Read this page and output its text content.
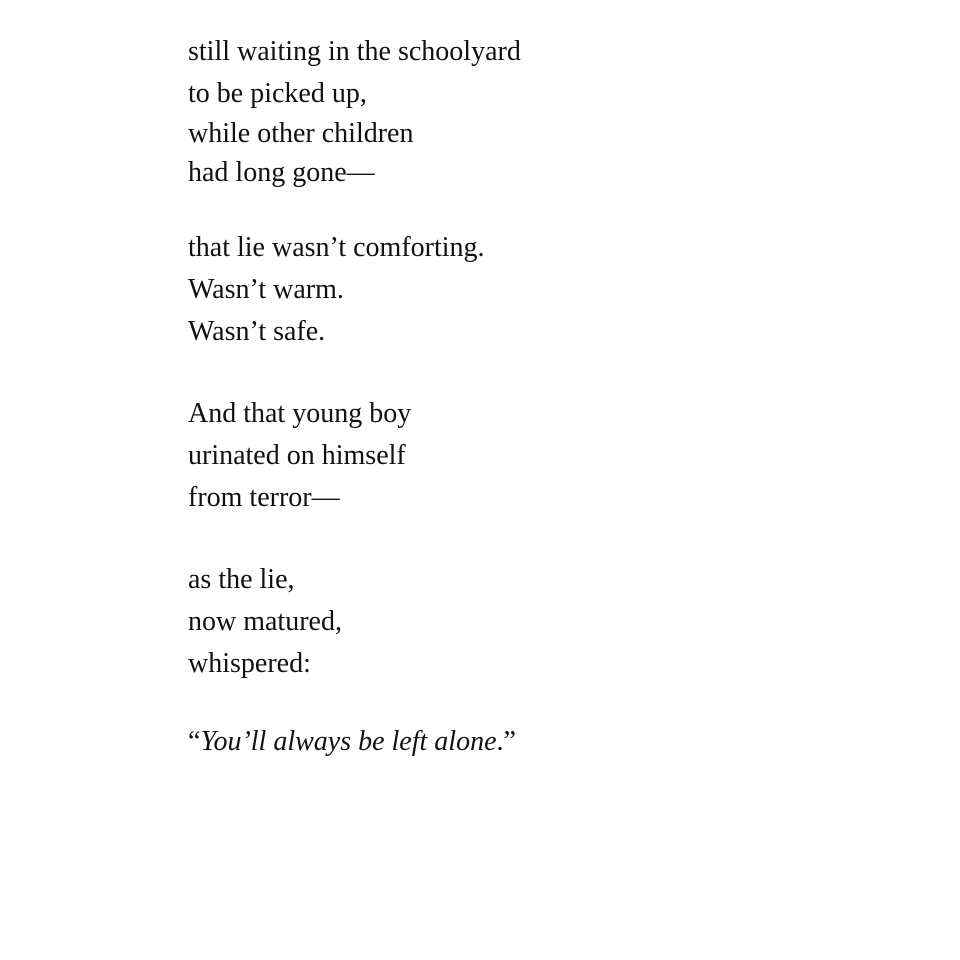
still waiting in the schoolyard

to be picked up,

while other children

had long gone—

that lie wasn’t comforting.

Wasn’t warm.

Wasn’t safe.

And that young boy

urinated on himself

from terror—

as the lie,

now matured,

whispered:

“You’ll always be left alone.”
